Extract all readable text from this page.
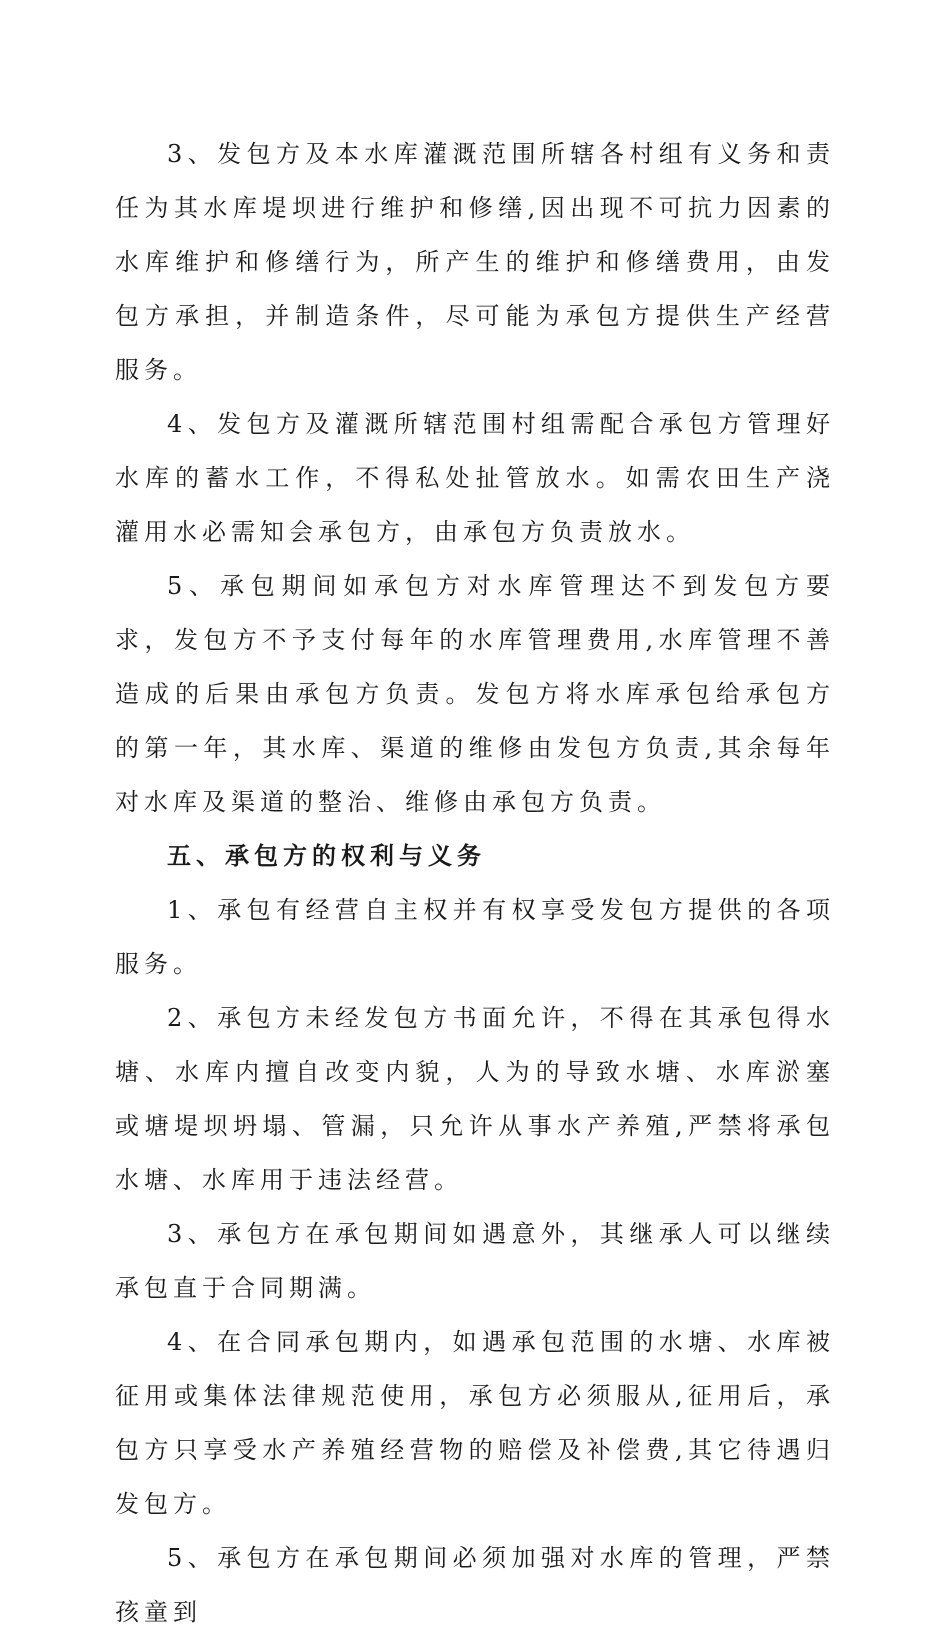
3、发包方及本水库灌溉范围所辖各村组有义务和责任为其水库堤坝进行维护和修缮,因出现不可抗力因素的水库维护和修缮行为，所产生的维护和修缮费用，由发包方承担，并制造条件，尽可能为承包方提供生产经营服务。

4、发包方及灌溉所辖范围村组需配合承包方管理好水库的蓄水工作，不得私处扯管放水。如需农田生产浇灌用水必需知会承包方，由承包方负责放水。

5、承包期间如承包方对水库管理达不到发包方要求，发包方不予支付每年的水库管理费用,水库管理不善造成的后果由承包方负责。发包方将水库承包给承包方的第一年，其水库、渠道的维修由发包方负责,其余每年对水库及渠道的整治、维修由承包方负责。

五、承包方的权利与义务

1、承包有经营自主权并有权享受发包方提供的各项服务。

2、承包方未经发包方书面允许，不得在其承包得水塘、水库内擅自改变内貌，人为的导致水塘、水库淤塞或塘堤坝坍塌、管漏，只允许从事水产养殖,严禁将承包水塘、水库用于违法经营。

3、承包方在承包期间如遇意外，其继承人可以继续承包直于合同期满。

4、在合同承包期内，如遇承包范围的水塘、水库被征用或集体法律规范使用，承包方必须服从,征用后，承包方只享受水产养殖经营物的赔偿及补偿费,其它待遇归发包方。

5、承包方在承包期间必须加强对水库的管理，严禁孩童到
